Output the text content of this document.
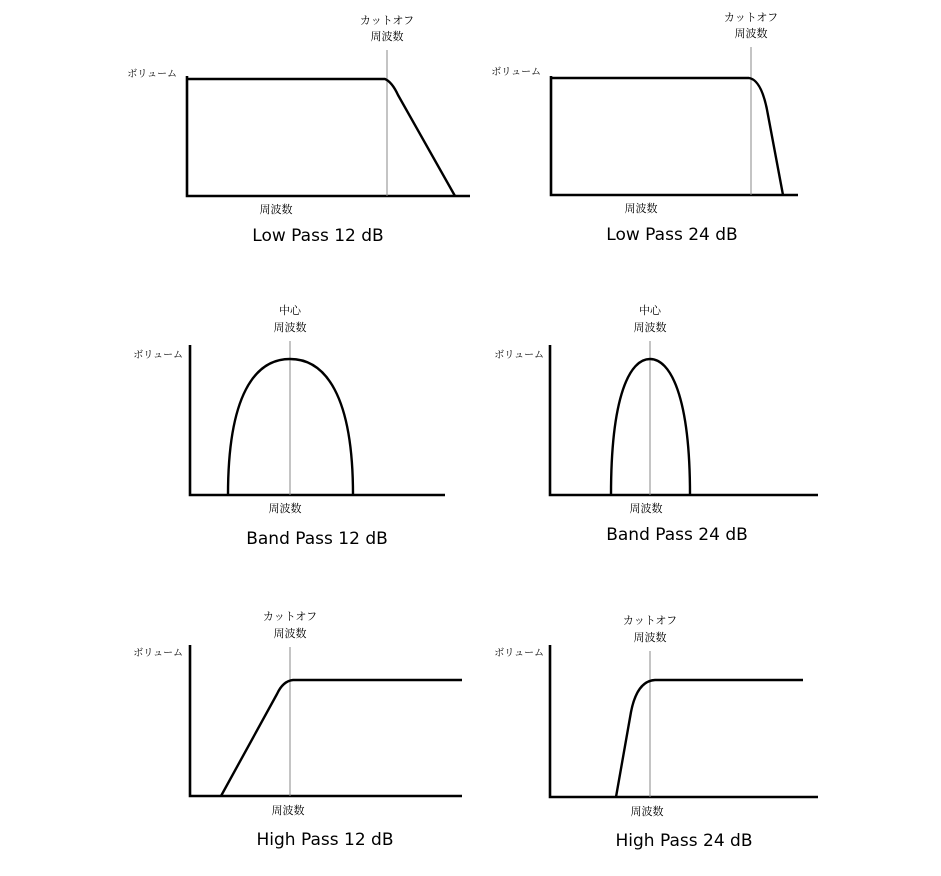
カットオフ
周波数
ボリューム
周波数
Low Pass 12 dB
カットオフ
周波数
ボリューム
周波数
Low Pass 24 dB
中心
周波数
ボリューム
周波数
Band Pass 12 dB
中心
周波数
ボリューム
周波数
Band Pass 24 dB
カットオフ
周波数
ボリューム
周波数
High Pass 12 dB
カットオフ
周波数
ボリューム
周波数
High Pass 24 dB
